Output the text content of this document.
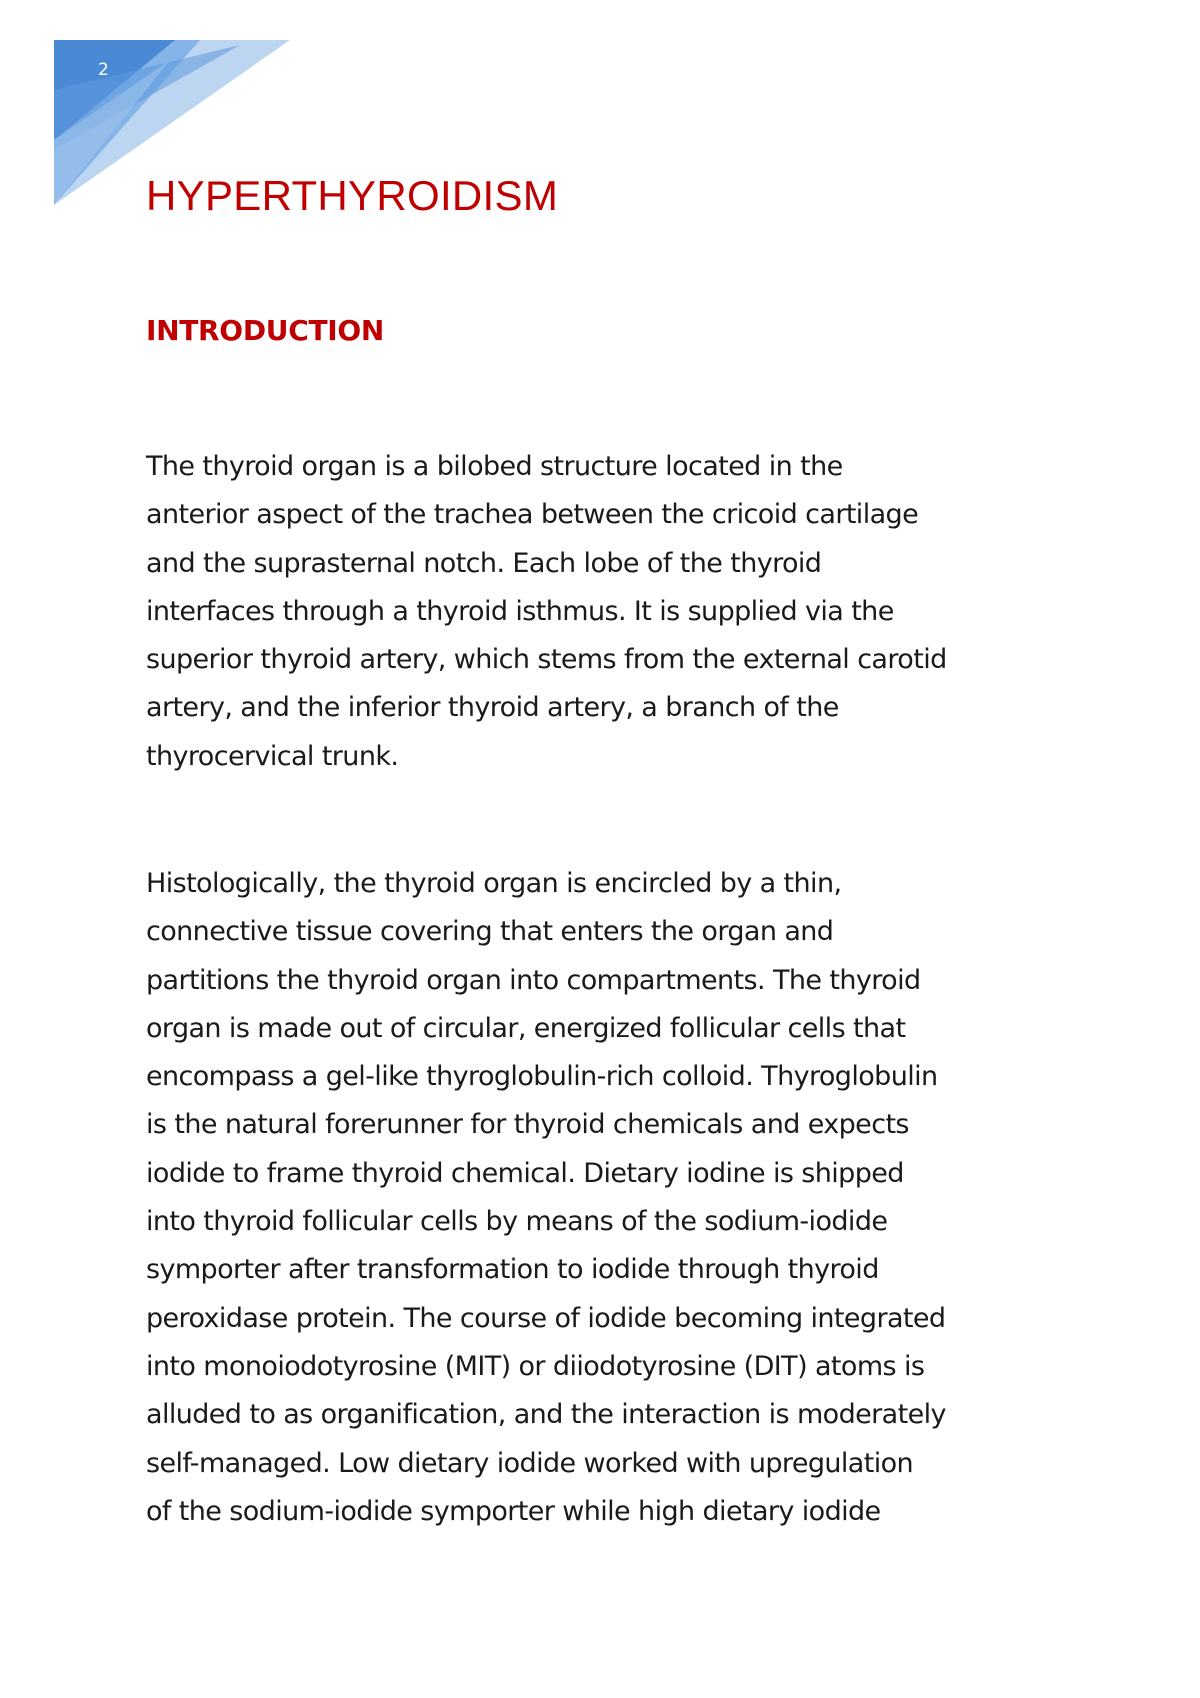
2
HYPERTHYROIDISM
INTRODUCTION

The thyroid organ is a bilobed structure located in the
anterior aspect of the trachea between the cricoid cartilage
and the suprasternal notch. Each lobe of the thyroid
interfaces through a thyroid isthmus. It is supplied via the
superior thyroid artery, which stems from the external carotid
artery, and the inferior thyroid artery, a branch of the
thyrocervical trunk.

Histologically, the thyroid organ is encircled by a thin,
connective tissue covering that enters the organ and
partitions the thyroid organ into compartments. The thyroid
organ is made out of circular, energized follicular cells that
encompass a gel-like thyroglobulin-rich colloid. Thyroglobulin
is the natural forerunner for thyroid chemicals and expects
iodide to frame thyroid chemical. Dietary iodine is shipped
into thyroid follicular cells by means of the sodium-iodide
symporter after transformation to iodide through thyroid
peroxidase protein. The course of iodide becoming integrated
into monoiodotyrosine (MIT) or diiodotyrosine (DIT) atoms is
alluded to as organification, and the interaction is moderately
self-managed. Low dietary iodide worked with upregulation
of the sodium-iodide symporter while high dietary iodide
